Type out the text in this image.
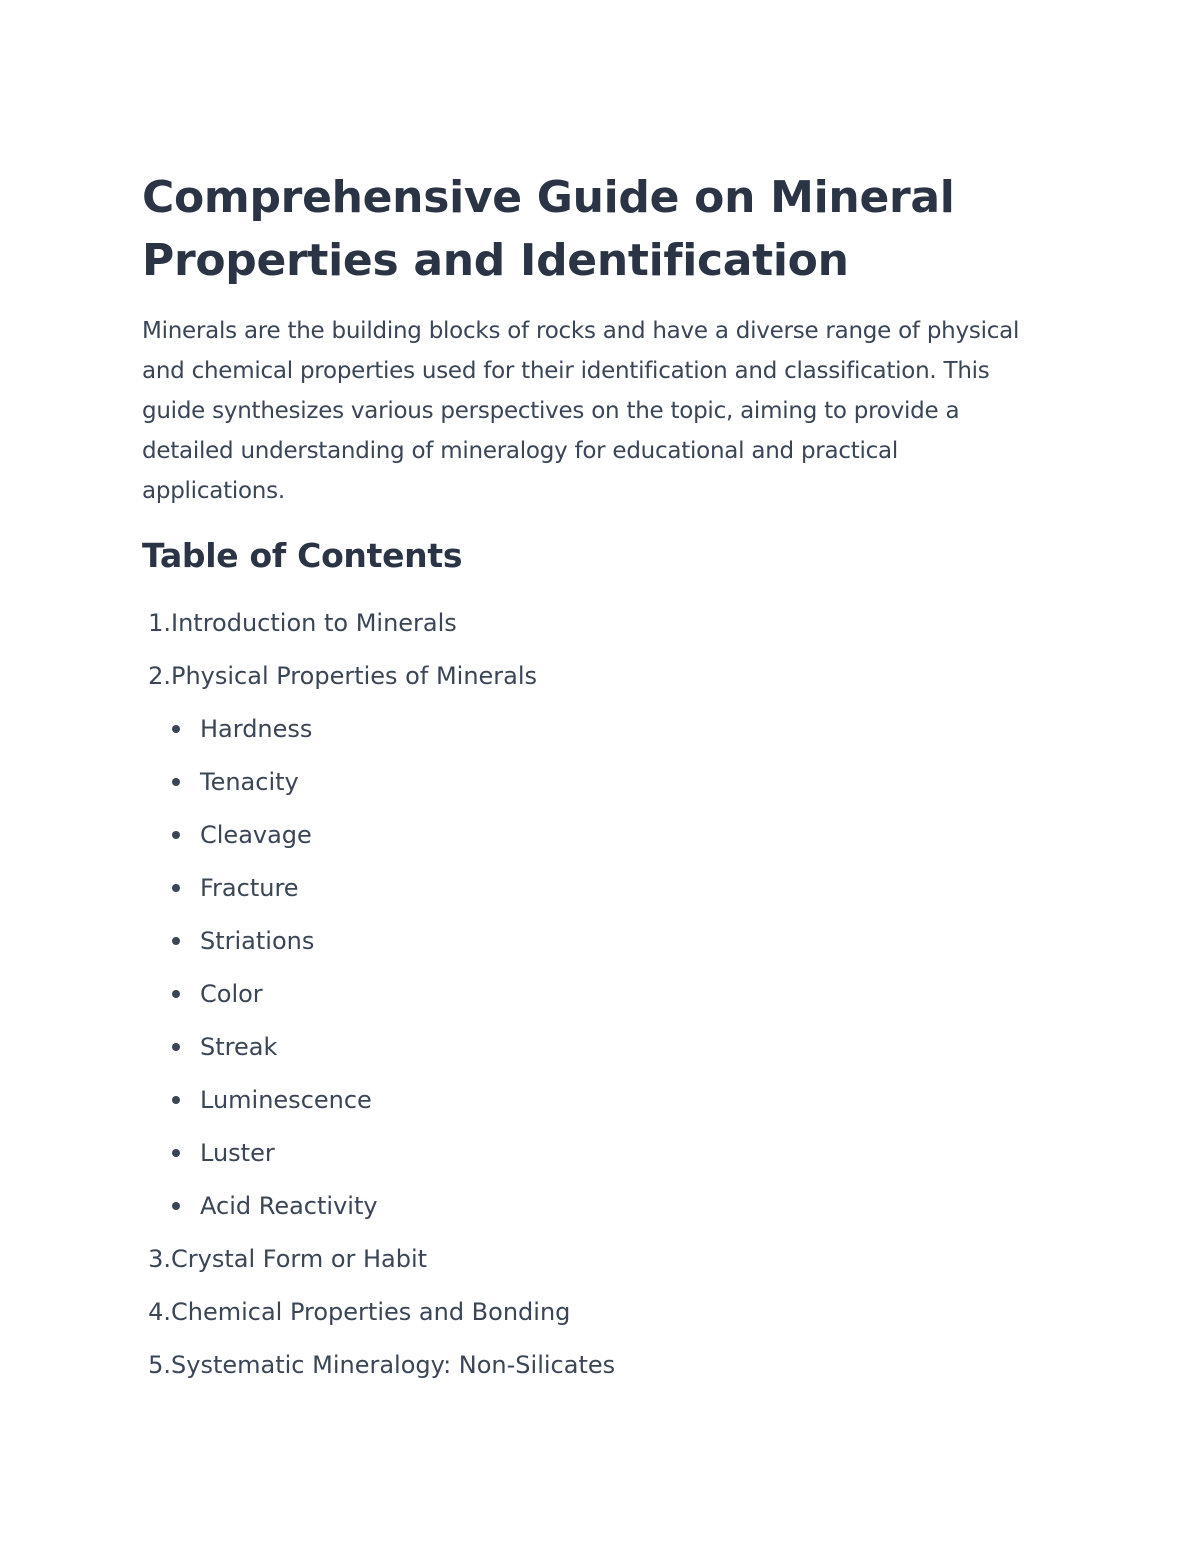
Comprehensive Guide on Mineral Properties and Identification

Minerals are the building blocks of rocks and have a diverse range of physical and chemical properties used for their identification and classification. This guide synthesizes various perspectives on the topic, aiming to provide a detailed understanding of mineralogy for educational and practical applications.

Table of Contents
1. Introduction to Minerals
2. Physical Properties of Minerals
Hardness
Tenacity
Cleavage
Fracture
Striations
Color
Streak
Luminescence
Luster
Acid Reactivity
3. Crystal Form or Habit
4. Chemical Properties and Bonding
5. Systematic Mineralogy: Non-Silicates
